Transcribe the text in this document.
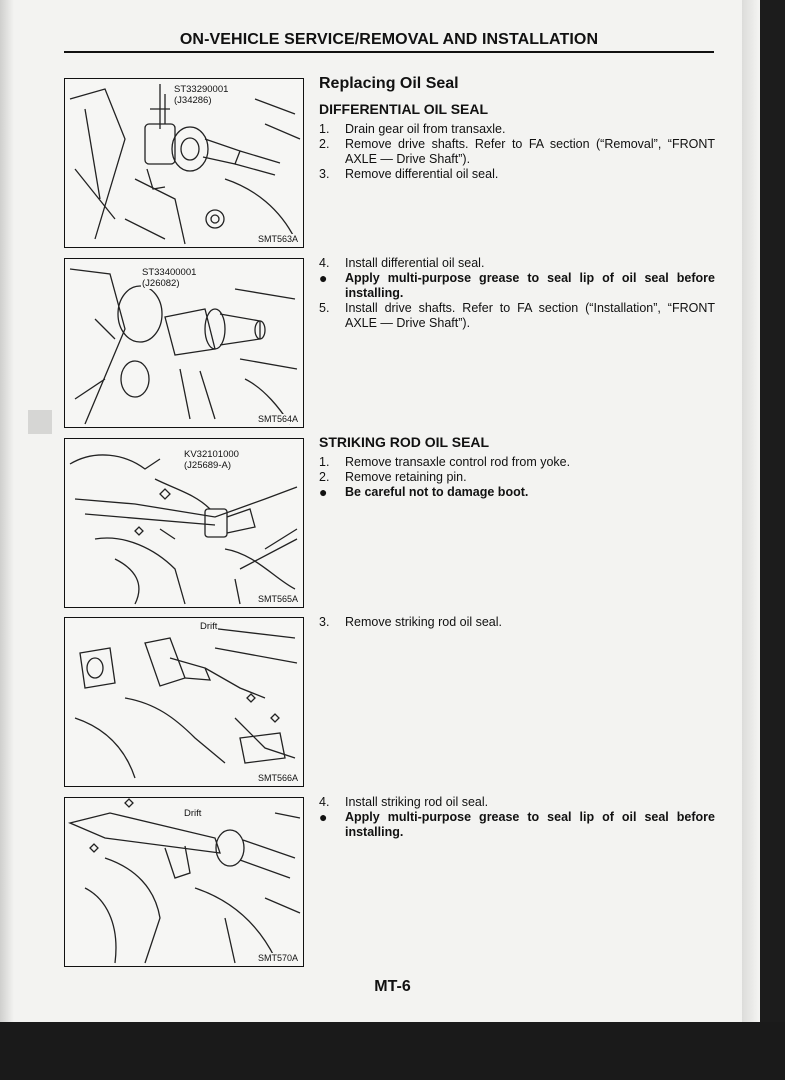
ON-VEHICLE SERVICE/REMOVAL AND INSTALLATION
ST33290001
(J34286)
SMT563A
ST33400001
(J26082)
SMT564A
KV32101000
(J25689-A)
SMT565A
Drift
SMT566A
Drift
SMT570A
Replacing Oil Seal
DIFFERENTIAL OIL SEAL
1.	Drain gear oil from transaxle.
2.	Remove drive shafts. Refer to FA section (“Removal”, “FRONT AXLE — Drive Shaft”).
3.	Remove differential oil seal.
4.	Install differential oil seal.
●	Apply multi-purpose grease to seal lip of oil seal before installing.
5.	Install drive shafts. Refer to FA section (“Installation”, “FRONT AXLE — Drive Shaft”).
STRIKING ROD OIL SEAL
1.	Remove transaxle control rod from yoke.
2.	Remove retaining pin.
●	Be careful not to damage boot.
3.	Remove striking rod oil seal.
4.	Install striking rod oil seal.
●	Apply multi-purpose grease to seal lip of oil seal before installing.
MT-6
